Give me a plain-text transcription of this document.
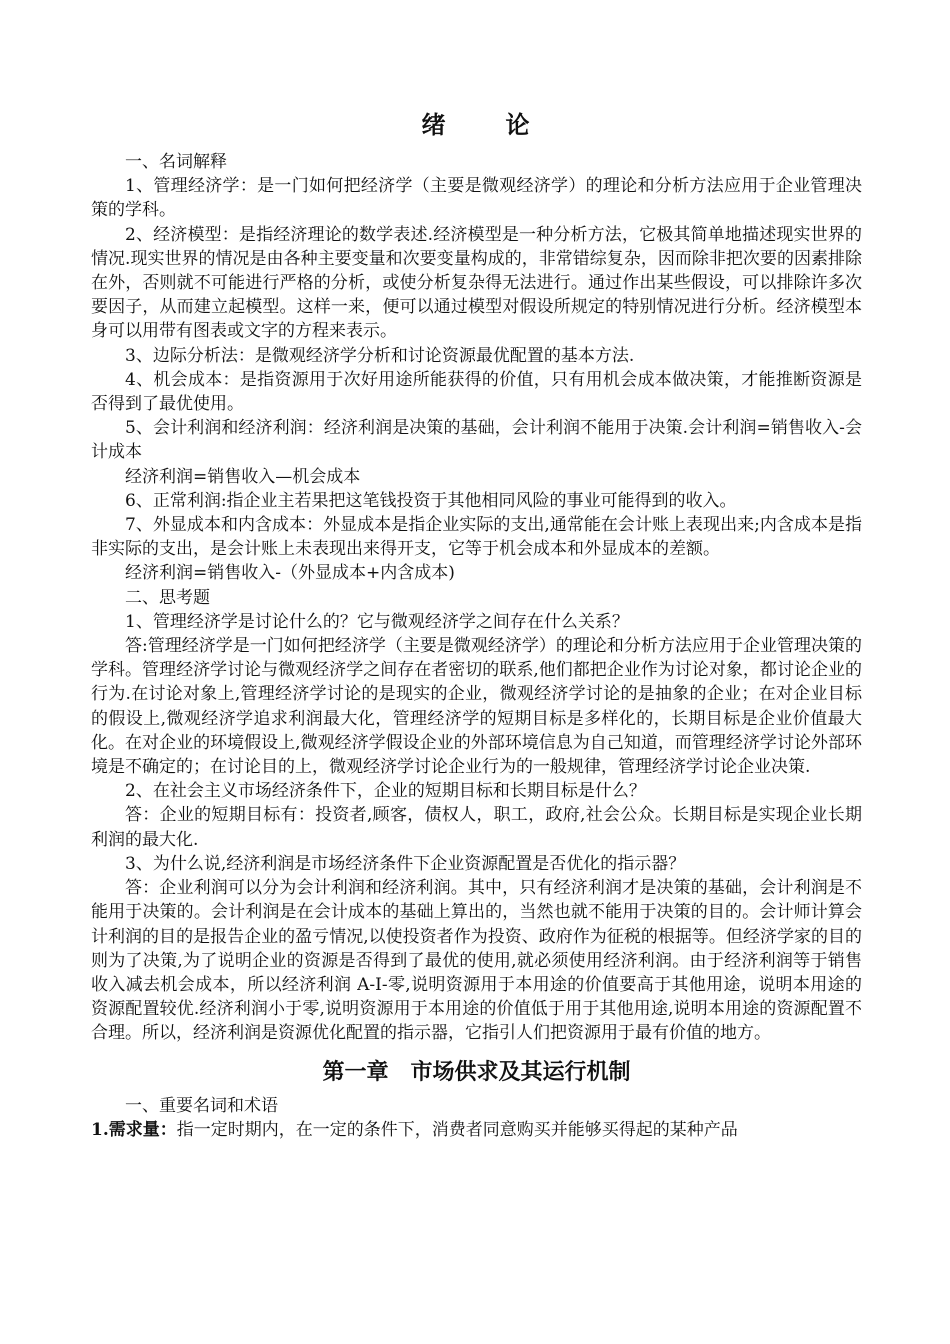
绪 论

一、名词解释

1、管理经济学：是一门如何把经济学（主要是微观经济学）的理论和分析方法应用于企业管理决策的学科。

2、经济模型：是指经济理论的数学表述.经济模型是一种分析方法，它极其简单地描述现实世界的情况.现实世界的情况是由各种主要变量和次要变量构成的，非常错综复杂，因而除非把次要的因素排除在外，否则就不可能进行严格的分析，或使分析复杂得无法进行。通过作出某些假设，可以排除许多次要因子，从而建立起模型。这样一来，便可以通过模型对假设所规定的特别情况进行分析。经济模型本身可以用带有图表或文字的方程来表示。

3、边际分析法：是微观经济学分析和讨论资源最优配置的基本方法.

4、机会成本：是指资源用于次好用途所能获得的价值，只有用机会成本做决策，才能推断资源是否得到了最优使用。

5、会计利润和经济利润：经济利润是决策的基础，会计利润不能用于决策.会计利润=销售收入-会计成本

经济利润=销售收入—机会成本

6、正常利润:指企业主若果把这笔钱投资于其他相同风险的事业可能得到的收入。

7、外显成本和内含成本：外显成本是指企业实际的支出,通常能在会计账上表现出来;内含成本是指非实际的支出，是会计账上未表现出来得开支，它等于机会成本和外显成本的差额。

经济利润=销售收入-（外显成本+内含成本)

二、思考题

1、管理经济学是讨论什么的？它与微观经济学之间存在什么关系？

答:管理经济学是一门如何把经济学（主要是微观经济学）的理论和分析方法应用于企业管理决策的学科。管理经济学讨论与微观经济学之间存在者密切的联系,他们都把企业作为讨论对象，都讨论企业的行为.在讨论对象上,管理经济学讨论的是现实的企业，微观经济学讨论的是抽象的企业；在对企业目标的假设上,微观经济学追求利润最大化，管理经济学的短期目标是多样化的，长期目标是企业价值最大化。在对企业的环境假设上,微观经济学假设企业的外部环境信息为自己知道，而管理经济学讨论外部环境是不确定的；在讨论目的上，微观经济学讨论企业行为的一般规律，管理经济学讨论企业决策.

2、在社会主义市场经济条件下，企业的短期目标和长期目标是什么？

答：企业的短期目标有：投资者,顾客，债权人，职工，政府,社会公众。长期目标是实现企业长期利润的最大化.

3、为什么说,经济利润是市场经济条件下企业资源配置是否优化的指示器？

答：企业利润可以分为会计利润和经济利润。其中，只有经济利润才是决策的基础，会计利润是不能用于决策的。会计利润是在会计成本的基础上算出的，当然也就不能用于决策的目的。会计师计算会计利润的目的是报告企业的盈亏情况,以使投资者作为投资、政府作为征税的根据等。但经济学家的目的则为了决策,为了说明企业的资源是否得到了最优的使用,就必须使用经济利润。由于经济利润等于销售收入减去机会成本，所以经济利润 A-I-零,说明资源用于本用途的价值要高于其他用途，说明本用途的资源配置较优.经济利润小于零,说明资源用于本用途的价值低于用于其他用途,说明本用途的资源配置不合理。所以，经济利润是资源优化配置的指示器，它指引人们把资源用于最有价值的地方。

第一章 市场供求及其运行机制

一、重要名词和术语

1.需求量：指一定时期内，在一定的条件下，消费者同意购买并能够买得起的某种产品
